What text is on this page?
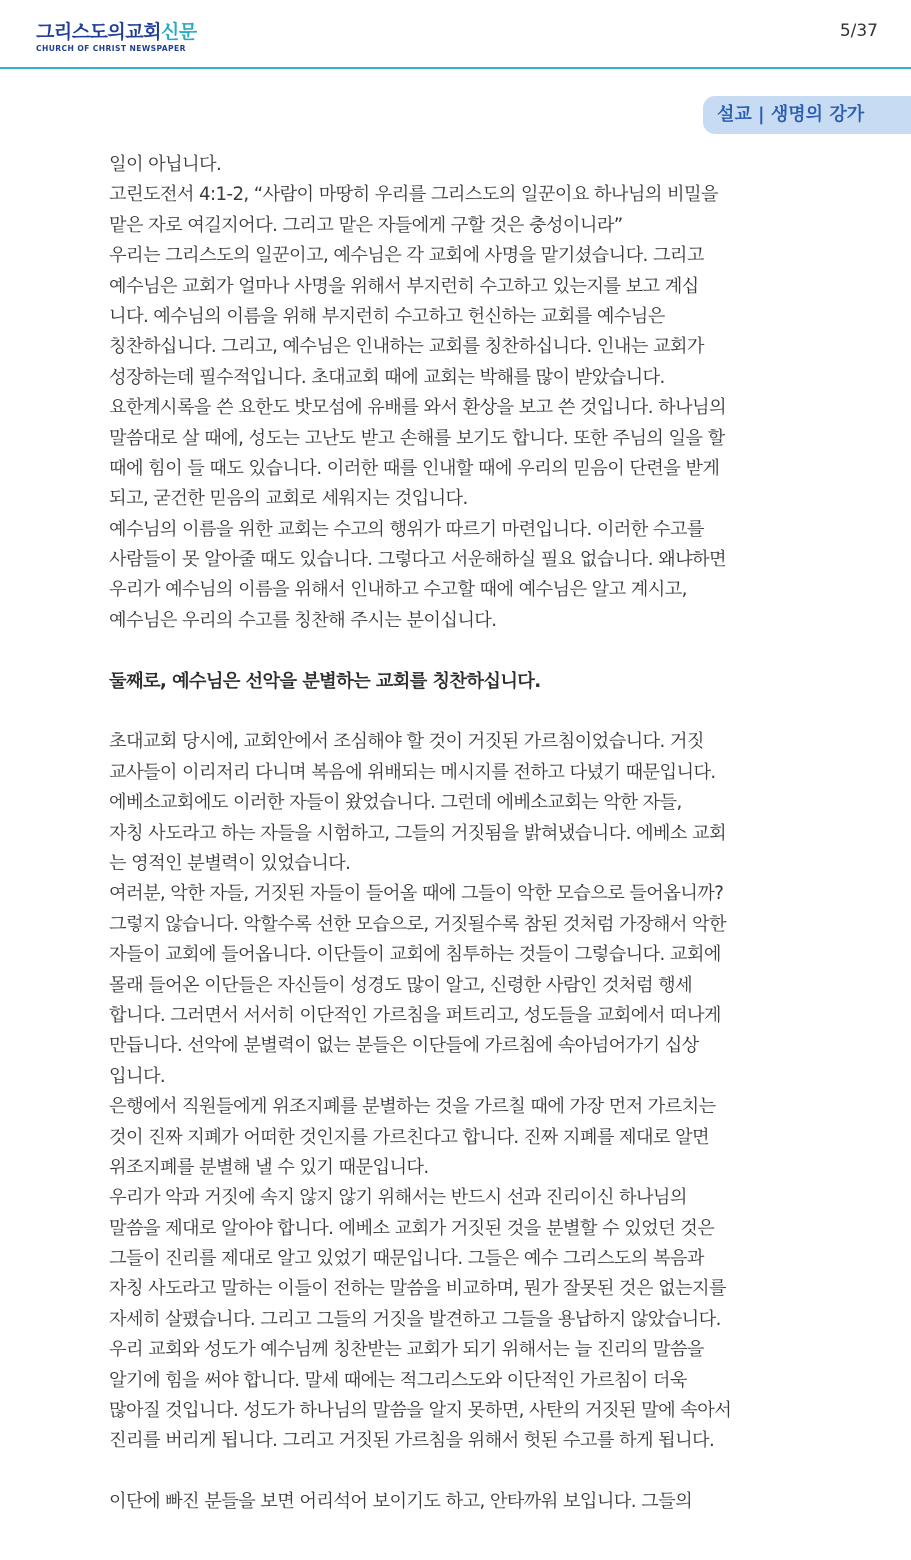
그리스도의교회신문
CHURCH OF CHRIST NEWSPAPER
5/37
설교 | 생명의 강가
일이 아닙니다.
고린도전서 4:1-2, “사람이 마땅히 우리를 그리스도의 일꾼이요 하나님의 비밀을
맡은 자로 여길지어다. 그리고 맡은 자들에게 구할 것은 충성이니라”
우리는 그리스도의 일꾼이고, 예수님은 각 교회에 사명을 맡기셨습니다. 그리고
예수님은 교회가 얼마나 사명을 위해서 부지런히 수고하고 있는지를 보고 계십
니다. 예수님의 이름을 위해 부지런히 수고하고 헌신하는 교회를 예수님은
칭찬하십니다. 그리고, 예수님은 인내하는 교회를 칭찬하십니다. 인내는 교회가
성장하는데 필수적입니다. 초대교회 때에 교회는 박해를 많이 받았습니다.
요한계시록을 쓴 요한도 밧모섬에 유배를 와서 환상을 보고 쓴 것입니다. 하나님의
말씀대로 살 때에, 성도는 고난도 받고 손해를 보기도 합니다. 또한 주님의 일을 할
때에 힘이 들 때도 있습니다. 이러한 때를 인내할 때에 우리의 믿음이 단련을 받게
되고, 굳건한 믿음의 교회로 세워지는 것입니다.
예수님의 이름을 위한 교회는 수고의 행위가 따르기 마련입니다. 이러한 수고를
사람들이 못 알아줄 때도 있습니다. 그렇다고 서운해하실 필요 없습니다. 왜냐하면
우리가 예수님의 이름을 위해서 인내하고 수고할 때에 예수님은 알고 계시고,
예수님은 우리의 수고를 칭찬해 주시는 분이십니다.
둘째로, 예수님은 선악을 분별하는 교회를 칭찬하십니다.
초대교회 당시에, 교회안에서 조심해야 할 것이 거짓된 가르침이었습니다. 거짓
교사들이 이리저리 다니며 복음에 위배되는 메시지를 전하고 다녔기 때문입니다.
에베소교회에도 이러한 자들이 왔었습니다. 그런데 에베소교회는 악한 자들,
자칭 사도라고 하는 자들을 시험하고, 그들의 거짓됨을 밝혀냈습니다. 에베소 교회
는 영적인 분별력이 있었습니다.
여러분, 악한 자들, 거짓된 자들이 들어올 때에 그들이 악한 모습으로 들어옵니까?
그렇지 않습니다. 악할수록 선한 모습으로, 거짓될수록 참된 것처럼 가장해서 악한
자들이 교회에 들어옵니다. 이단들이 교회에 침투하는 것들이 그렇습니다. 교회에
몰래 들어온 이단들은 자신들이 성경도 많이 알고, 신령한 사람인 것처럼 행세
합니다. 그러면서 서서히 이단적인 가르침을 퍼트리고, 성도들을 교회에서 떠나게
만듭니다. 선악에 분별력이 없는 분들은 이단들에 가르침에 속아넘어가기 십상
입니다.
은행에서 직원들에게 위조지폐를 분별하는 것을 가르칠 때에 가장 먼저 가르치는
것이 진짜 지폐가 어떠한 것인지를 가르친다고 합니다. 진짜 지폐를 제대로 알면
위조지폐를 분별해 낼 수 있기 때문입니다.
우리가 악과 거짓에 속지 않지 않기 위해서는 반드시 선과 진리이신 하나님의
말씀을 제대로 알아야 합니다. 에베소 교회가 거짓된 것을 분별할 수 있었던 것은
그들이 진리를 제대로 알고 있었기 때문입니다. 그들은 예수 그리스도의 복음과
자칭 사도라고 말하는 이들이 전하는 말씀을 비교하며, 뭔가 잘못된 것은 없는지를
자세히 살폈습니다. 그리고 그들의 거짓을 발견하고 그들을 용납하지 않았습니다.
우리 교회와 성도가 예수님께 칭찬받는 교회가 되기 위해서는 늘 진리의 말씀을
알기에 힘을 써야 합니다. 말세 때에는 적그리스도와 이단적인 가르침이 더욱
많아질 것입니다. 성도가 하나님의 말씀을 알지 못하면, 사탄의 거짓된 말에 속아서
진리를 버리게 됩니다. 그리고 거짓된 가르침을 위해서 헛된 수고를 하게 됩니다.
이단에 빠진 분들을 보면 어리석어 보이기도 하고, 안타까워 보입니다. 그들의
